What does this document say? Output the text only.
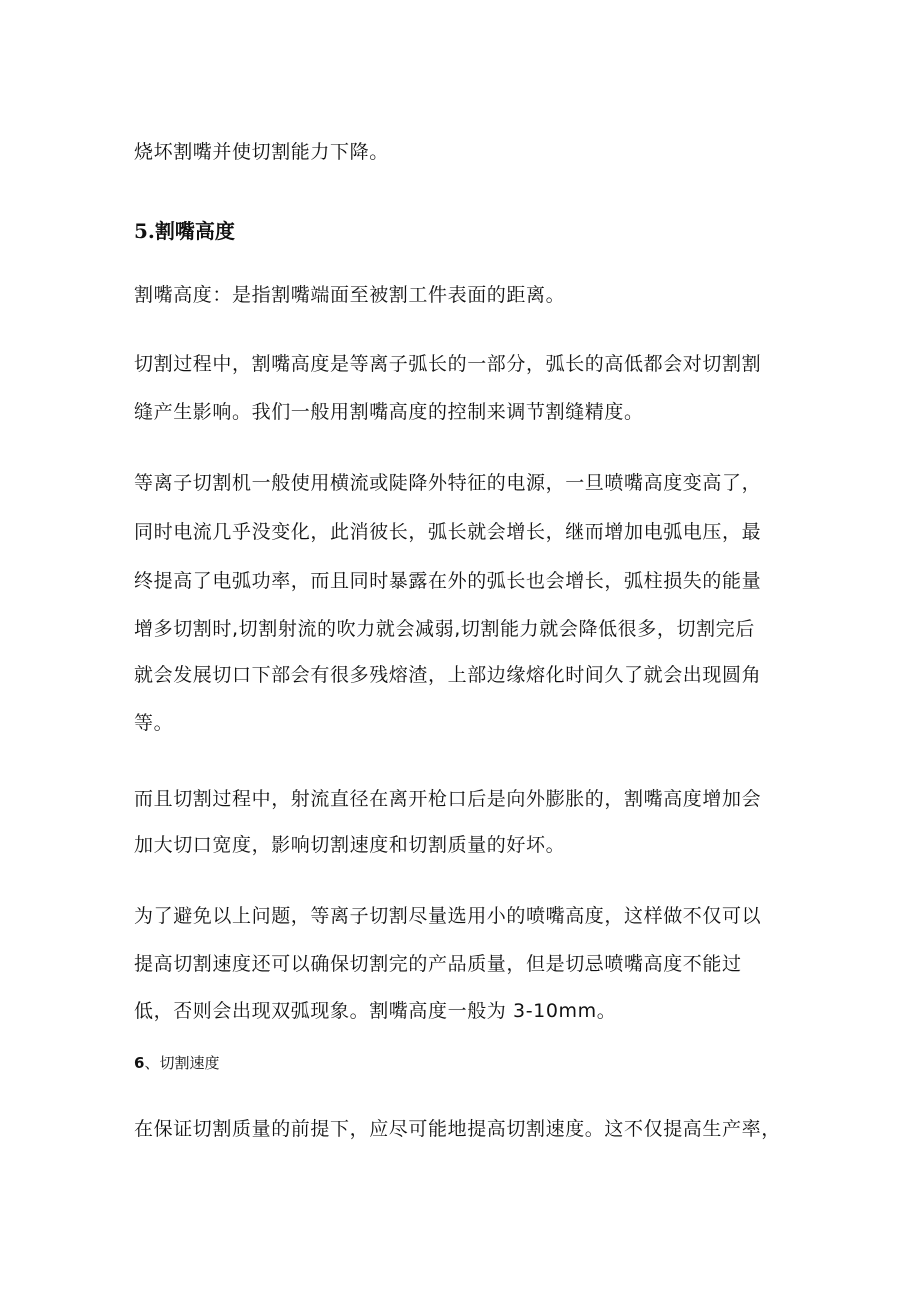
烧坏割嘴并使切割能力下降。
5.割嘴高度
割嘴高度：是指割嘴端面至被割工件表面的距离。
切割过程中，割嘴高度是等离子弧长的一部分，弧长的高低都会对切割割
缝产生影响。我们一般用割嘴高度的控制来调节割缝精度。
等离子切割机一般使用横流或陡降外特征的电源，一旦喷嘴高度变高了，
同时电流几乎没变化，此消彼长，弧长就会增长，继而增加电弧电压，最
终提高了电弧功率，而且同时暴露在外的弧长也会增长，弧柱损失的能量
增多切割时,切割射流的吹力就会减弱,切割能力就会降低很多，切割完后
就会发展切口下部会有很多残熔渣，上部边缘熔化时间久了就会出现圆角
等。
而且切割过程中，射流直径在离开枪口后是向外膨胀的，割嘴高度增加会
加大切口宽度，影响切割速度和切割质量的好坏。
为了避免以上问题，等离子切割尽量选用小的喷嘴高度，这样做不仅可以
提高切割速度还可以确保切割完的产品质量，但是切忌喷嘴高度不能过
低，否则会出现双弧现象。割嘴高度一般为 3-10mm。
6、切割速度
在保证切割质量的前提下，应尽可能地提高切割速度。这不仅提高生产率，
